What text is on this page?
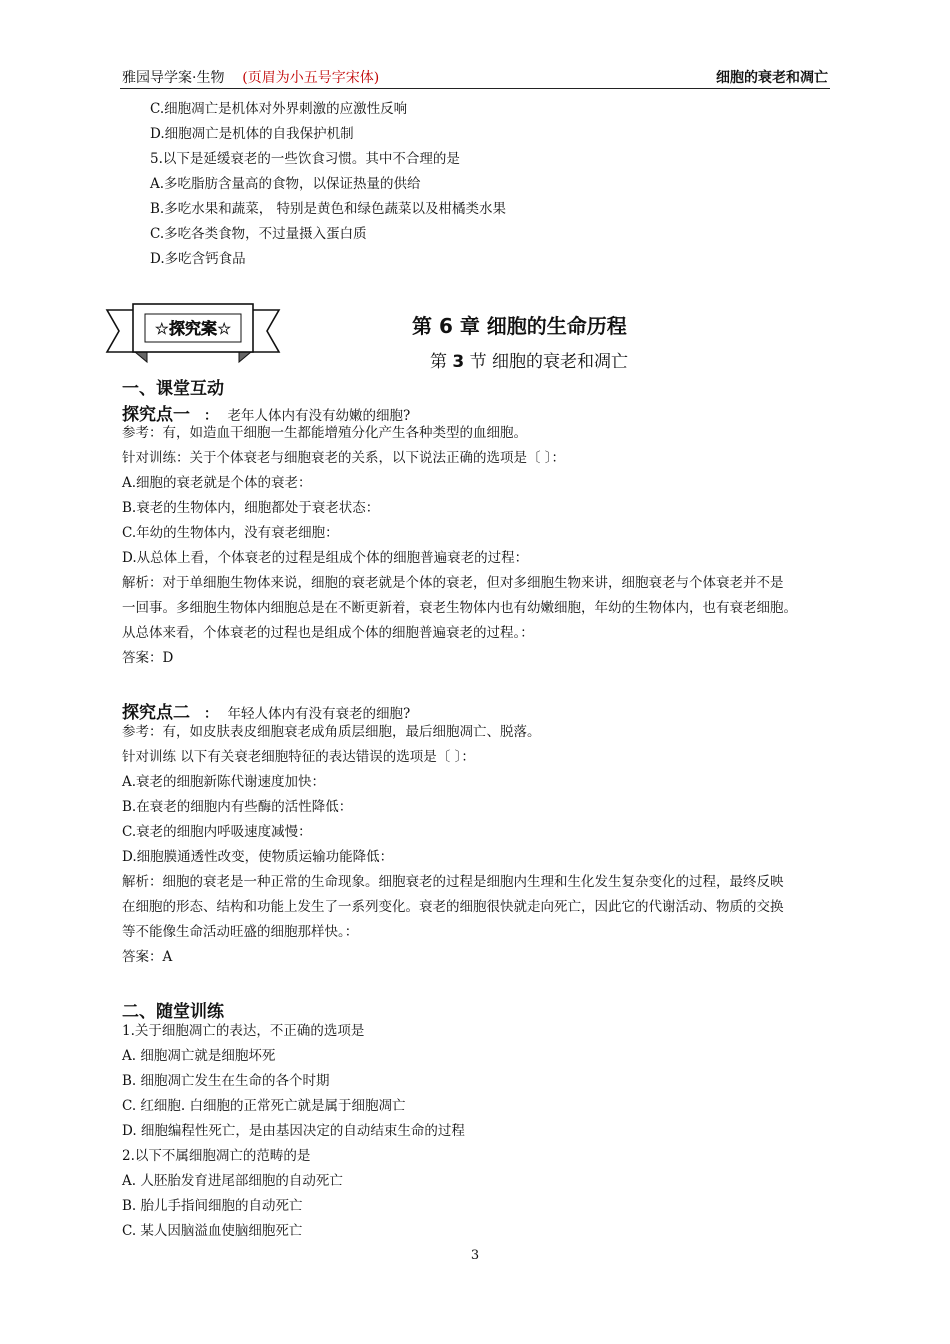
雅园导学案·生物 (页眉为小五号字宋体)	细胞的衰老和凋亡
C.细胞凋亡是机体对外界刺激的应激性反响
D.细胞凋亡是机体的自我保护机制
5.以下是延缓衰老的一些饮食习惯。其中不合理的是
A.多吃脂肪含量高的食物，以保证热量的供给
B.多吃水果和蔬菜， 特别是黄色和绿色蔬菜以及柑橘类水果
C.多吃各类食物，不过量摄入蛋白质
D.多吃含钙食品
☆探究案☆	第 6 章 细胞的生命历程
第 3 节 细胞的衰老和凋亡
一、课堂互动
探究点一 ： 老年人体内有没有幼嫩的细胞?
参考：有，如造血干细胞一生都能增殖分化产生各种类型的血细胞。
针对训练：关于个体衰老与细胞衰老的关系，以下说法正确的选项是〔 〕：
A.细胞的衰老就是个体的衰老：
B.衰老的生物体内，细胞都处于衰老状态：
C.年幼的生物体内，没有衰老细胞：
D.从总体上看，个体衰老的过程是组成个体的细胞普遍衰老的过程：
解析：对于单细胞生物体来说，细胞的衰老就是个体的衰老，但对多细胞生物来讲，细胞衰老与个体衰老并不是
一回事。多细胞生物体内细胞总是在不断更新着，衰老生物体内也有幼嫩细胞，年幼的生物体内，也有衰老细胞。
从总体来看，个体衰老的过程也是组成个体的细胞普遍衰老的过程。：
答案：D
探究点二 ： 年轻人体内有没有衰老的细胞?
参考：有，如皮肤表皮细胞衰老成角质层细胞，最后细胞凋亡、脱落。
针对训练 以下有关衰老细胞特征的表达错误的选项是〔 〕：
A.衰老的细胞新陈代谢速度加快：
B.在衰老的细胞内有些酶的活性降低：
C.衰老的细胞内呼吸速度减慢：
D.细胞膜通透性改变，使物质运输功能降低：
解析：细胞的衰老是一种正常的生命现象。细胞衰老的过程是细胞内生理和生化发生复杂变化的过程，最终反映
在细胞的形态、结构和功能上发生了一系列变化。衰老的细胞很快就走向死亡，因此它的代谢活动、物质的交换
等不能像生命活动旺盛的细胞那样快。：
答案：A
二、随堂训练
1.关于细胞凋亡的表达，不正确的选项是
A. 细胞凋亡就是细胞坏死
B. 细胞凋亡发生在生命的各个时期
C. 红细胞. 白细胞的正常死亡就是属于细胞凋亡
D. 细胞编程性死亡，是由基因决定的自动结束生命的过程
2.以下不属细胞凋亡的范畴的是
A. 人胚胎发育进尾部细胞的自动死亡
B. 胎儿手指间细胞的自动死亡
C. 某人因脑溢血使脑细胞死亡
3
